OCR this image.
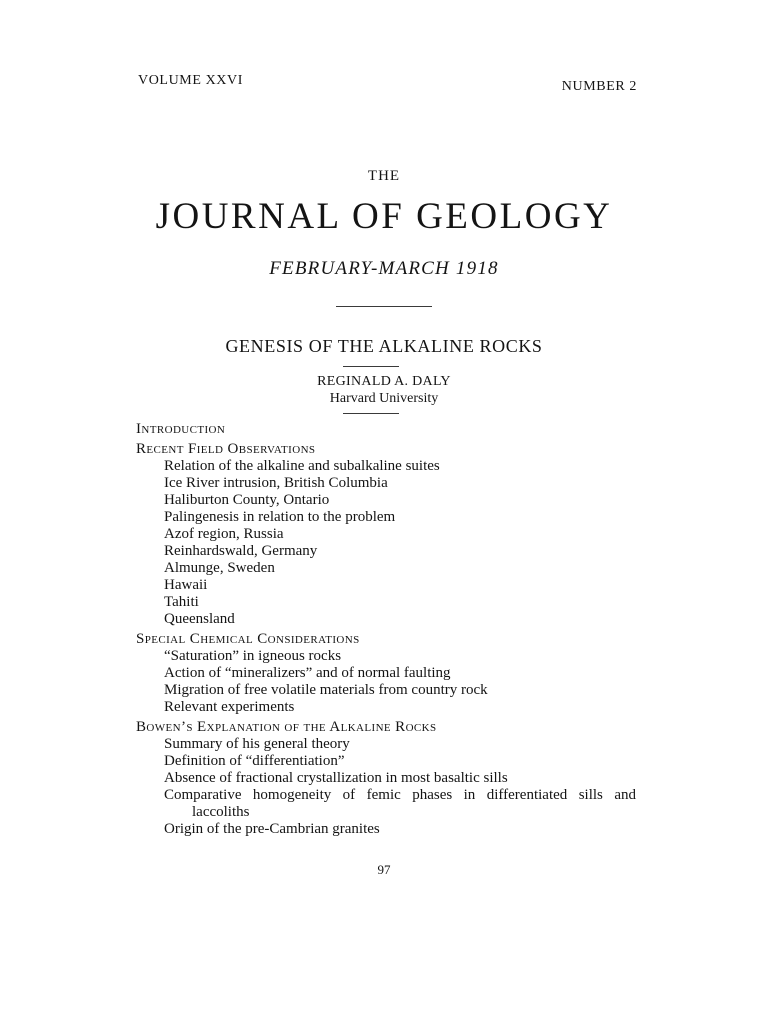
VOLUME XXVI	NUMBER 2
THE
JOURNAL OF GEOLOGY
FEBRUARY-MARCH 1918
GENESIS OF THE ALKALINE ROCKS
REGINALD A. DALY
Harvard University
Introduction
Recent Field Observations
Relation of the alkaline and subalkaline suites
Ice River intrusion, British Columbia
Haliburton County, Ontario
Palingenesis in relation to the problem
Azof region, Russia
Reinhardswald, Germany
Almunge, Sweden
Hawaii
Tahiti
Queensland
Special Chemical Considerations
“Saturation” in igneous rocks
Action of “mineralizers” and of normal faulting
Migration of free volatile materials from country rock
Relevant experiments
Bowen’s Explanation of the Alkaline Rocks
Summary of his general theory
Definition of “differentiation”
Absence of fractional crystallization in most basaltic sills
Comparative homogeneity of femic phases in differentiated sills and
laccoliths
Origin of the pre-Cambrian granites
97
